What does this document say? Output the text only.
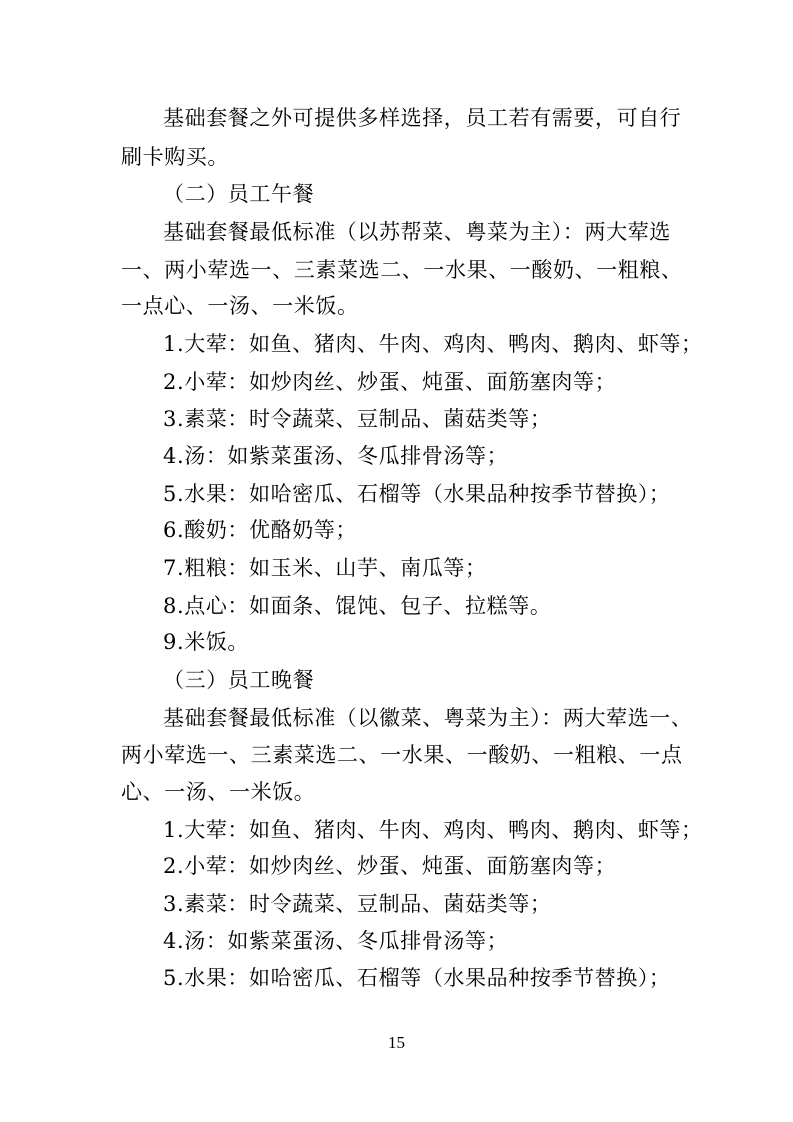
基础套餐之外可提供多样选择，员工若有需要，可自行
刷卡购买。
（二）员工午餐
基础套餐最低标准（以苏帮菜、粤菜为主）：两大荤选
一、两小荤选一、三素菜选二、一水果、一酸奶、一粗粮、
一点心、一汤、一米饭。
1.大荤：如鱼、猪肉、牛肉、鸡肉、鸭肉、鹅肉、虾等；
2.小荤：如炒肉丝、炒蛋、炖蛋、面筋塞肉等；
3.素菜：时令蔬菜、豆制品、菌菇类等；
4.汤：如紫菜蛋汤、冬瓜排骨汤等；
5.水果：如哈密瓜、石榴等（水果品种按季节替换）；
6.酸奶：优酪奶等；
7.粗粮：如玉米、山芋、南瓜等；
8.点心：如面条、馄饨、包子、拉糕等。
9.米饭。
（三）员工晚餐
基础套餐最低标准（以徽菜、粤菜为主）：两大荤选一、
两小荤选一、三素菜选二、一水果、一酸奶、一粗粮、一点
心、一汤、一米饭。
1.大荤：如鱼、猪肉、牛肉、鸡肉、鸭肉、鹅肉、虾等；
2.小荤：如炒肉丝、炒蛋、炖蛋、面筋塞肉等；
3.素菜：时令蔬菜、豆制品、菌菇类等；
4.汤：如紫菜蛋汤、冬瓜排骨汤等；
5.水果：如哈密瓜、石榴等（水果品种按季节替换）；
15
